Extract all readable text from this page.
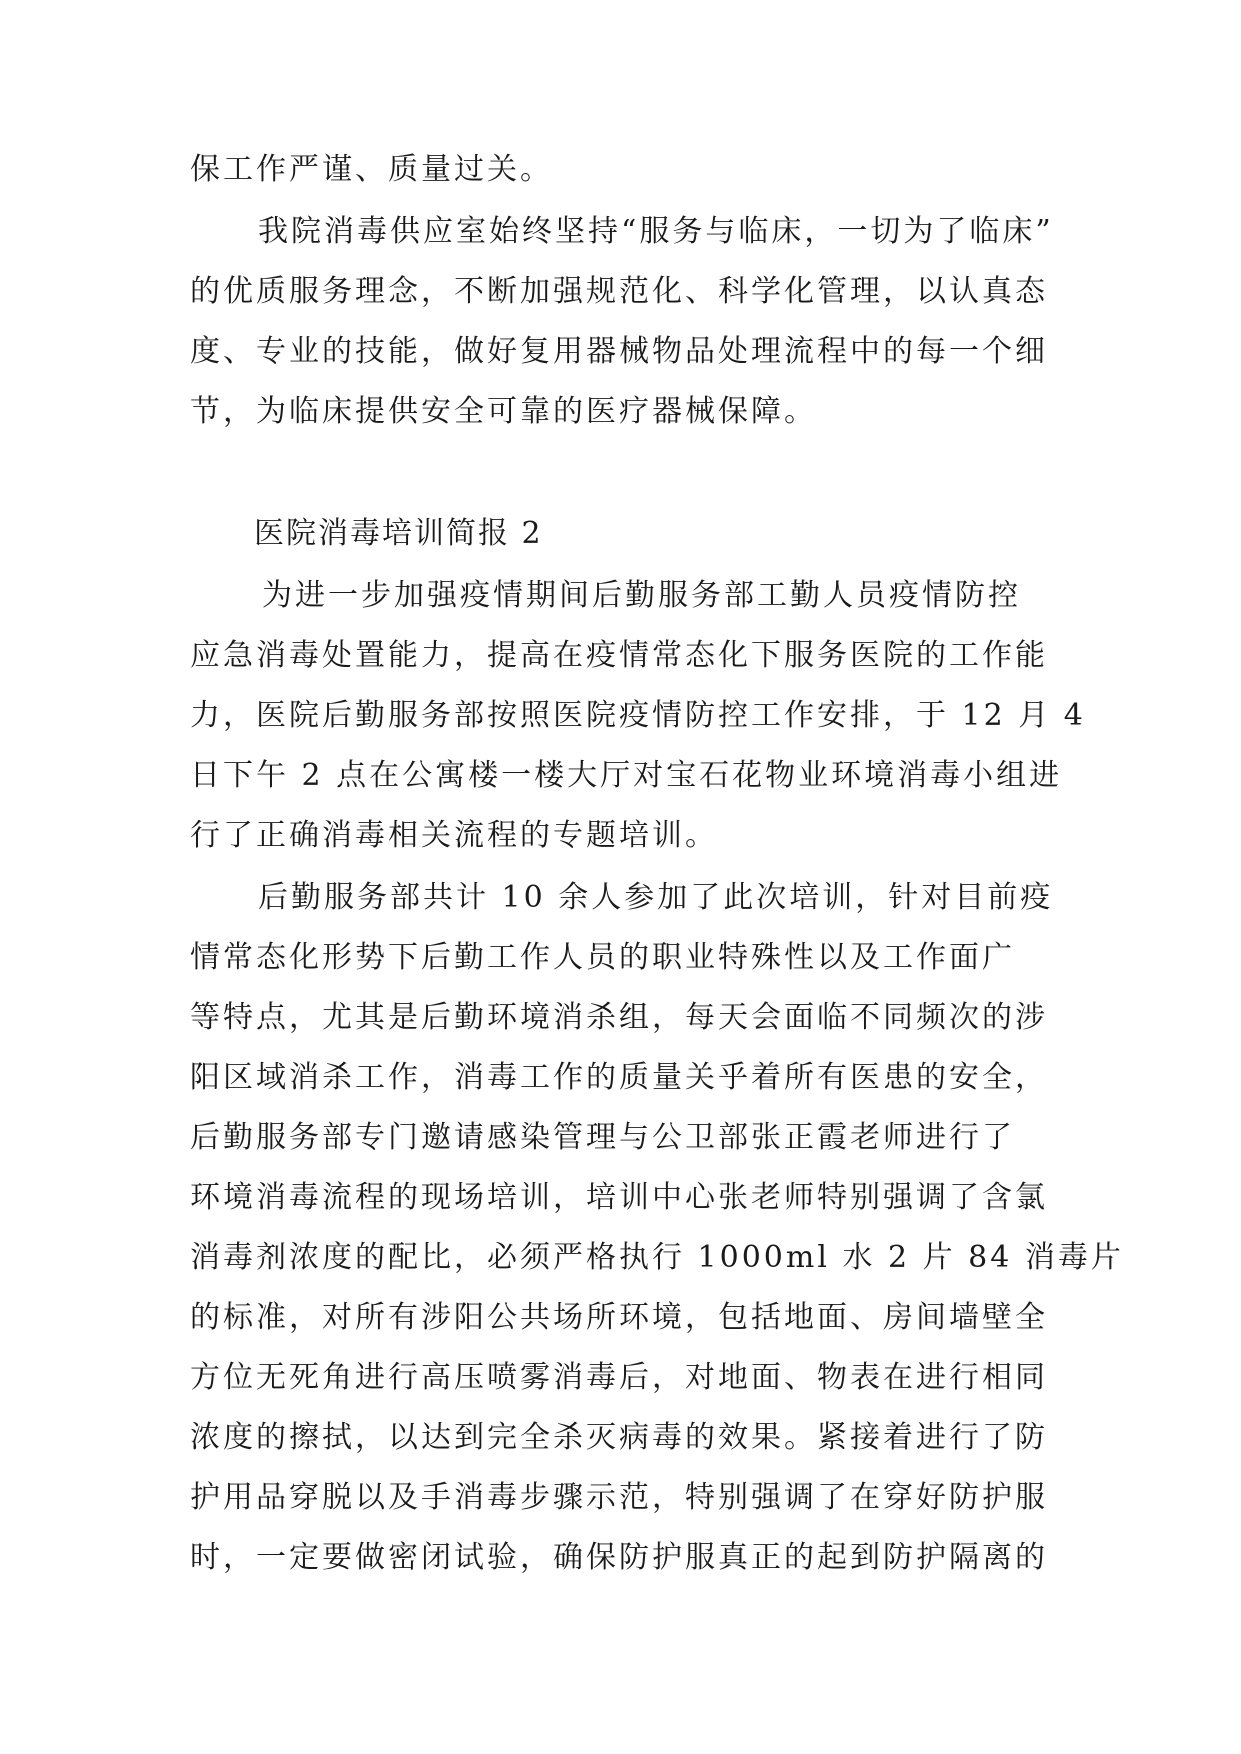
保工作严谨、质量过关。

我院消毒供应室始终坚持“服务与临床，一切为了临床”

的优质服务理念，不断加强规范化、科学化管理，以认真态

度、专业的技能，做好复用器械物品处理流程中的每一个细

节，为临床提供安全可靠的医疗器械保障。

医院消毒培训简报 2

为进一步加强疫情期间后勤服务部工勤人员疫情防控

应急消毒处置能力，提高在疫情常态化下服务医院的工作能

力，医院后勤服务部按照医院疫情防控工作安排，于 12 月 4

日下午 2 点在公寓楼一楼大厅对宝石花物业环境消毒小组进

行了正确消毒相关流程的专题培训。

后勤服务部共计 10 余人参加了此次培训，针对目前疫

情常态化形势下后勤工作人员的职业特殊性以及工作面广

等特点，尤其是后勤环境消杀组，每天会面临不同频次的涉

阳区域消杀工作，消毒工作的质量关乎着所有医患的安全，

后勤服务部专门邀请感染管理与公卫部张正霞老师进行了

环境消毒流程的现场培训，培训中心张老师特别强调了含氯

消毒剂浓度的配比，必须严格执行 1000ml 水 2 片 84 消毒片

的标准，对所有涉阳公共场所环境，包括地面、房间墙壁全

方位无死角进行高压喷雾消毒后，对地面、物表在进行相同

浓度的擦拭，以达到完全杀灭病毒的效果。紧接着进行了防

护用品穿脱以及手消毒步骤示范，特别强调了在穿好防护服

时，一定要做密闭试验，确保防护服真正的起到防护隔离的
